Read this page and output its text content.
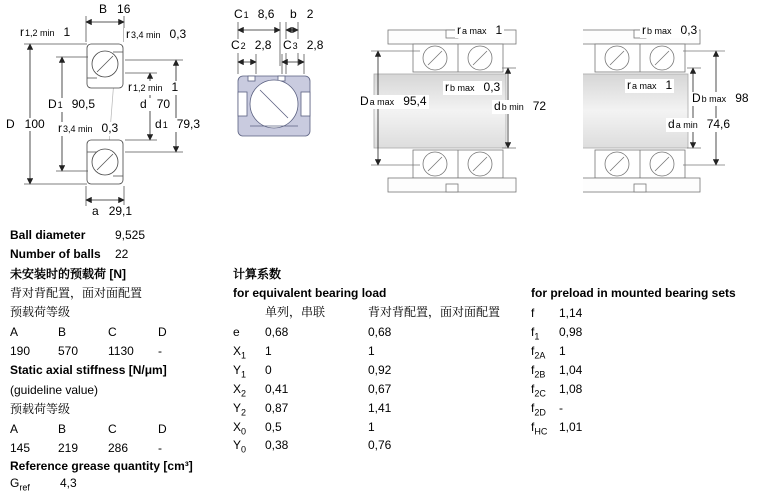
B 16
r 1,2 min 1	r 3,4 min 0,3
r 1,2 min 1
D 1 90,5	d 70
D 100 r 3,4 min 0,3	d 1 79,3
a 29,1
C 1 8,6 b 2
C 2 2,8 C 3 2,8
r a max 1
r b max 0,3
D a max 95,4	d b min 72
r b max 0,3
r a max 1
D b max 98
d a min 74,6
Ball diameter 9,525
Number of balls 22
未安装时的预载荷 [N]
背对背配置，面对面配置
预载荷等级
A	B	C	D
190 570 1130 -
Static axial stiffness [N/μm]
(guideline value)
预载荷等级
A	B	C	D
145 219 286 -
Reference grease quantity [cm³]
$G_{ref}$	4,3
计算系数
for equivalent bearing load
单列，串联	背对背配置，面对面配置
e 0,68	0,68
$X_1$ 1	1
$Y_1$ 0	0,92
$X_2$ 0,41	0,67
$Y_2$ 0,87	1,41
$X_0$ 0,5	1
$Y_0$ 0,38	0,76
for preload in mounted bearing sets
f 1,14
$f_1$ 0,98
$f_{2A}$ 1
$f_{2B}$ 1,04
$f_{2C}$ 1,08
$f_{2D}$ -
$f_{HC}$ 1,01
